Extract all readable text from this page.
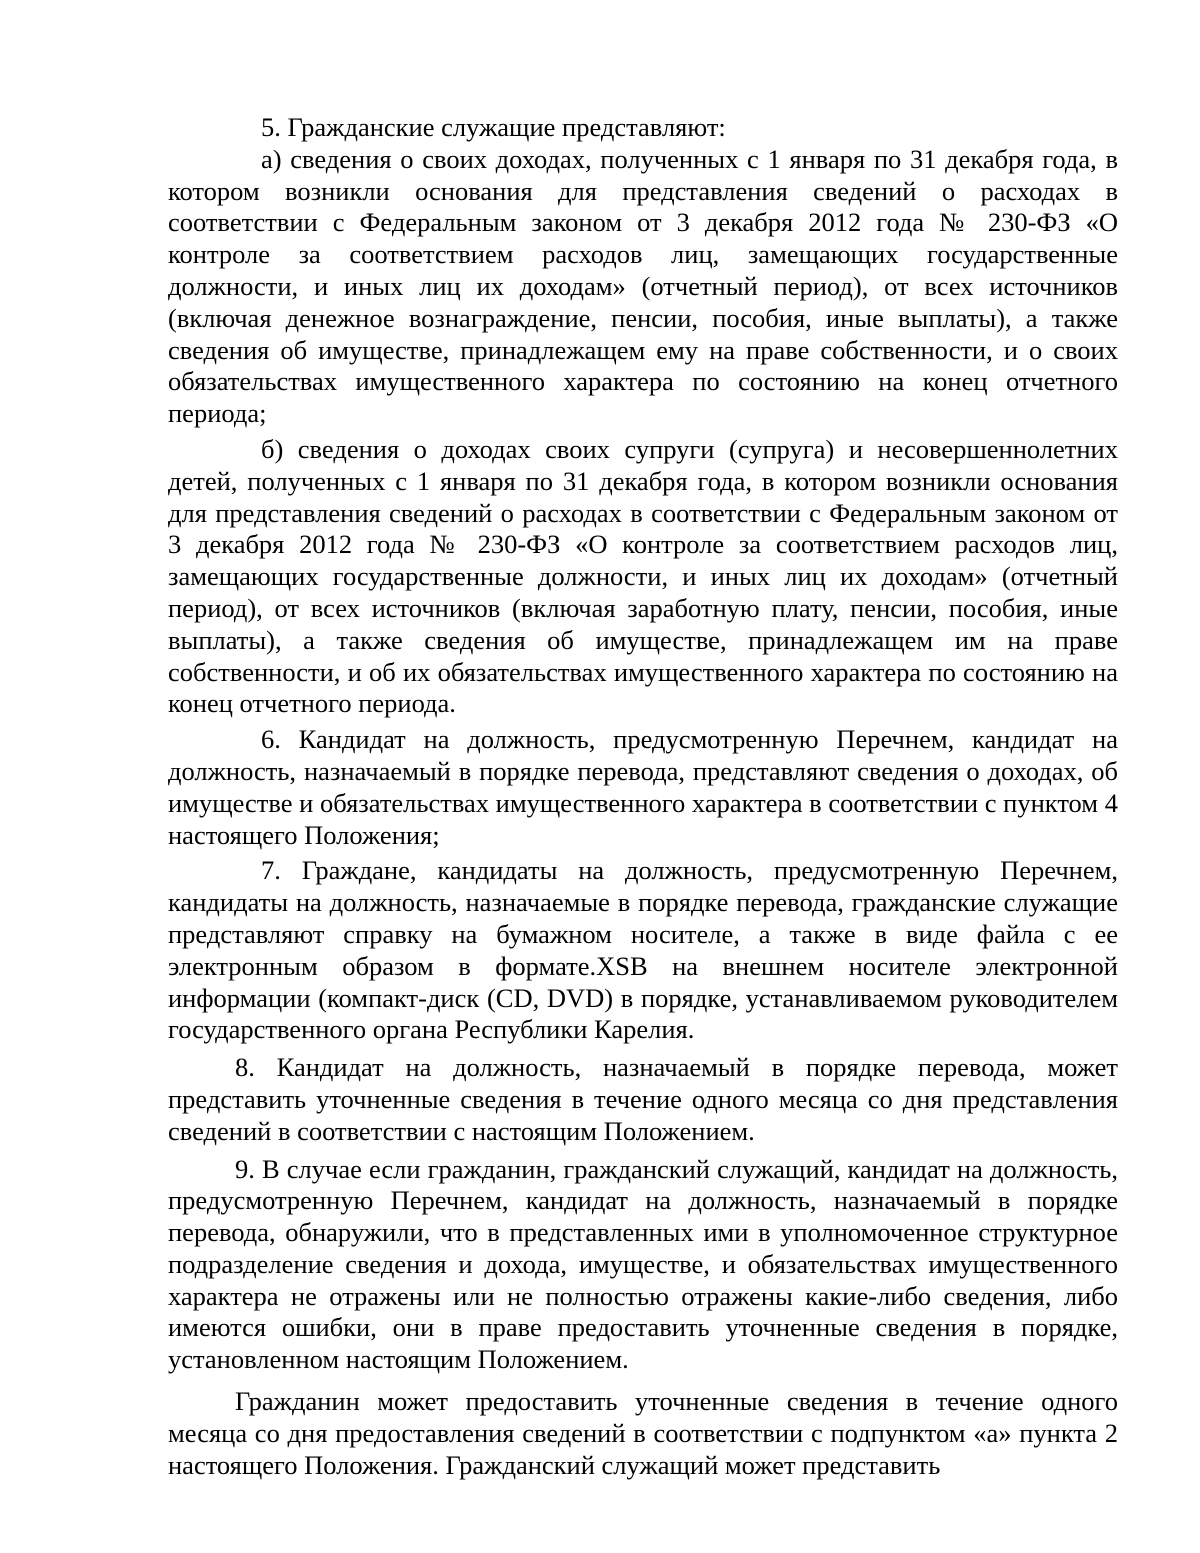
5. Гражданские служащие представляют:

а) сведения о своих доходах, полученных с 1 января по 31 декабря года, в котором возникли основания для представления сведений о расходах в соответствии с Федеральным законом от 3 декабря 2012 года № 230-ФЗ «О контроле за соответствием расходов лиц, замещающих государственные должности, и иных лиц их доходам» (отчетный период), от всех источников (включая денежное вознаграждение, пенсии, пособия, иные выплаты), а также сведения об имуществе, принадлежащем ему на праве собственности, и о своих обязательствах имущественного характера по состоянию на конец отчетного периода;

б) сведения о доходах своих супруги (супруга) и несовершеннолетних детей, полученных с 1 января по 31 декабря года, в котором возникли основания для представления сведений о расходах в соответствии с Федеральным законом от 3 декабря 2012 года № 230-ФЗ «О контроле за соответствием расходов лиц, замещающих государственные должности, и иных лиц их доходам» (отчетный период), от всех источников (включая заработную плату, пенсии, пособия, иные выплаты), а также сведения об имуществе, принадлежащем им на праве собственности, и об их обязательствах имущественного характера по состоянию на конец отчетного периода.

6. Кандидат на должность, предусмотренную Перечнем, кандидат на должность, назначаемый в порядке перевода, представляют сведения о доходах, об имуществе и обязательствах имущественного характера в соответствии с пунктом 4 настоящего Положения;

7. Граждане, кандидаты на должность, предусмотренную Перечнем, кандидаты на должность, назначаемые в порядке перевода, гражданские служащие представляют справку на бумажном носителе, а также в виде файла с ее электронным образом в формате.XSB на внешнем носителе электронной информации (компакт-диск (CD, DVD) в порядке, устанавливаемом руководителем государственного органа Республики Карелия.

8. Кандидат на должность, назначаемый в порядке перевода, может представить уточненные сведения в течение одного месяца со дня представления сведений в соответствии с настоящим Положением.

9. В случае если гражданин, гражданский служащий, кандидат на должность, предусмотренную Перечнем, кандидат на должность, назначаемый в порядке перевода, обнаружили, что в представленных ими в уполномоченное структурное подразделение сведения и дохода, имуществе, и обязательствах имущественного характера не отражены или не полностью отражены какие-либо сведения, либо имеются ошибки, они в праве предоставить уточненные сведения в порядке, установленном настоящим Положением.

Гражданин может предоставить уточненные сведения в течение одного месяца со дня предоставления сведений в соответствии с подпунктом «а» пункта 2 настоящего Положения. Гражданский служащий может представить
